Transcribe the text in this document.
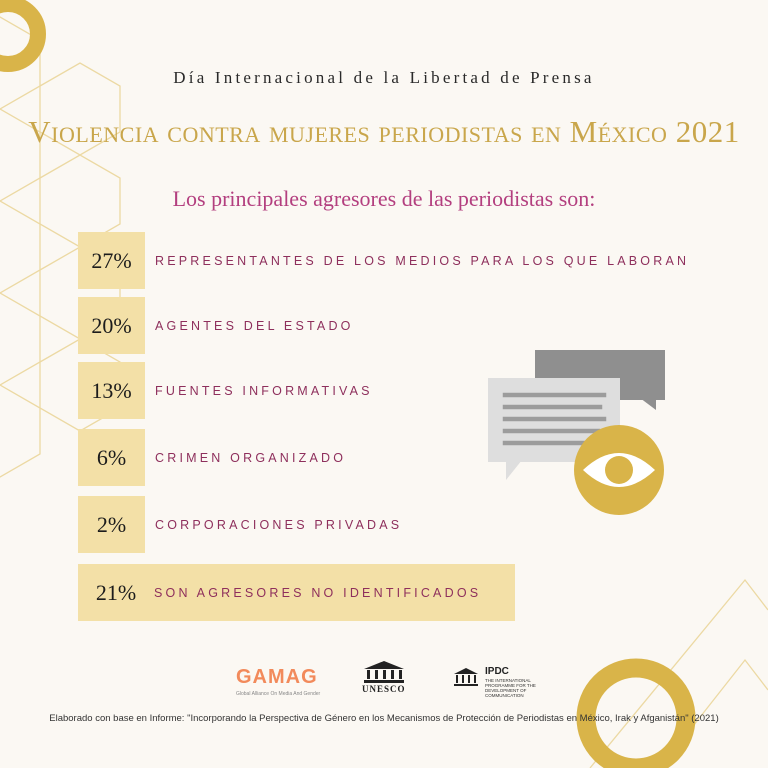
Día Internacional de la Libertad de Prensa
Violencia contra mujeres periodistas en México 2021
Los principales agresores de las periodistas son:
27%	REPRESENTANTES DE LOS MEDIOS PARA LOS QUE LABORAN
20%	AGENTES DEL ESTADO
13%	FUENTES INFORMATIVAS
6%	CRIMEN ORGANIZADO
2%	CORPORACIONES PRIVADAS
21%	SON AGRESORES NO IDENTIFICADOS
GAMAG
Global Alliance On Media And Gender	UNESCO
IPDC
THE INTERNATIONAL PROGRAMME FOR THE DEVELOPMENT OF COMMUNICATION
Elaborado con base en Informe: "Incorporando la Perspectiva de Género en los Mecanismos de Protección de Periodistas en México, Irak y Afganistán" (2021)
